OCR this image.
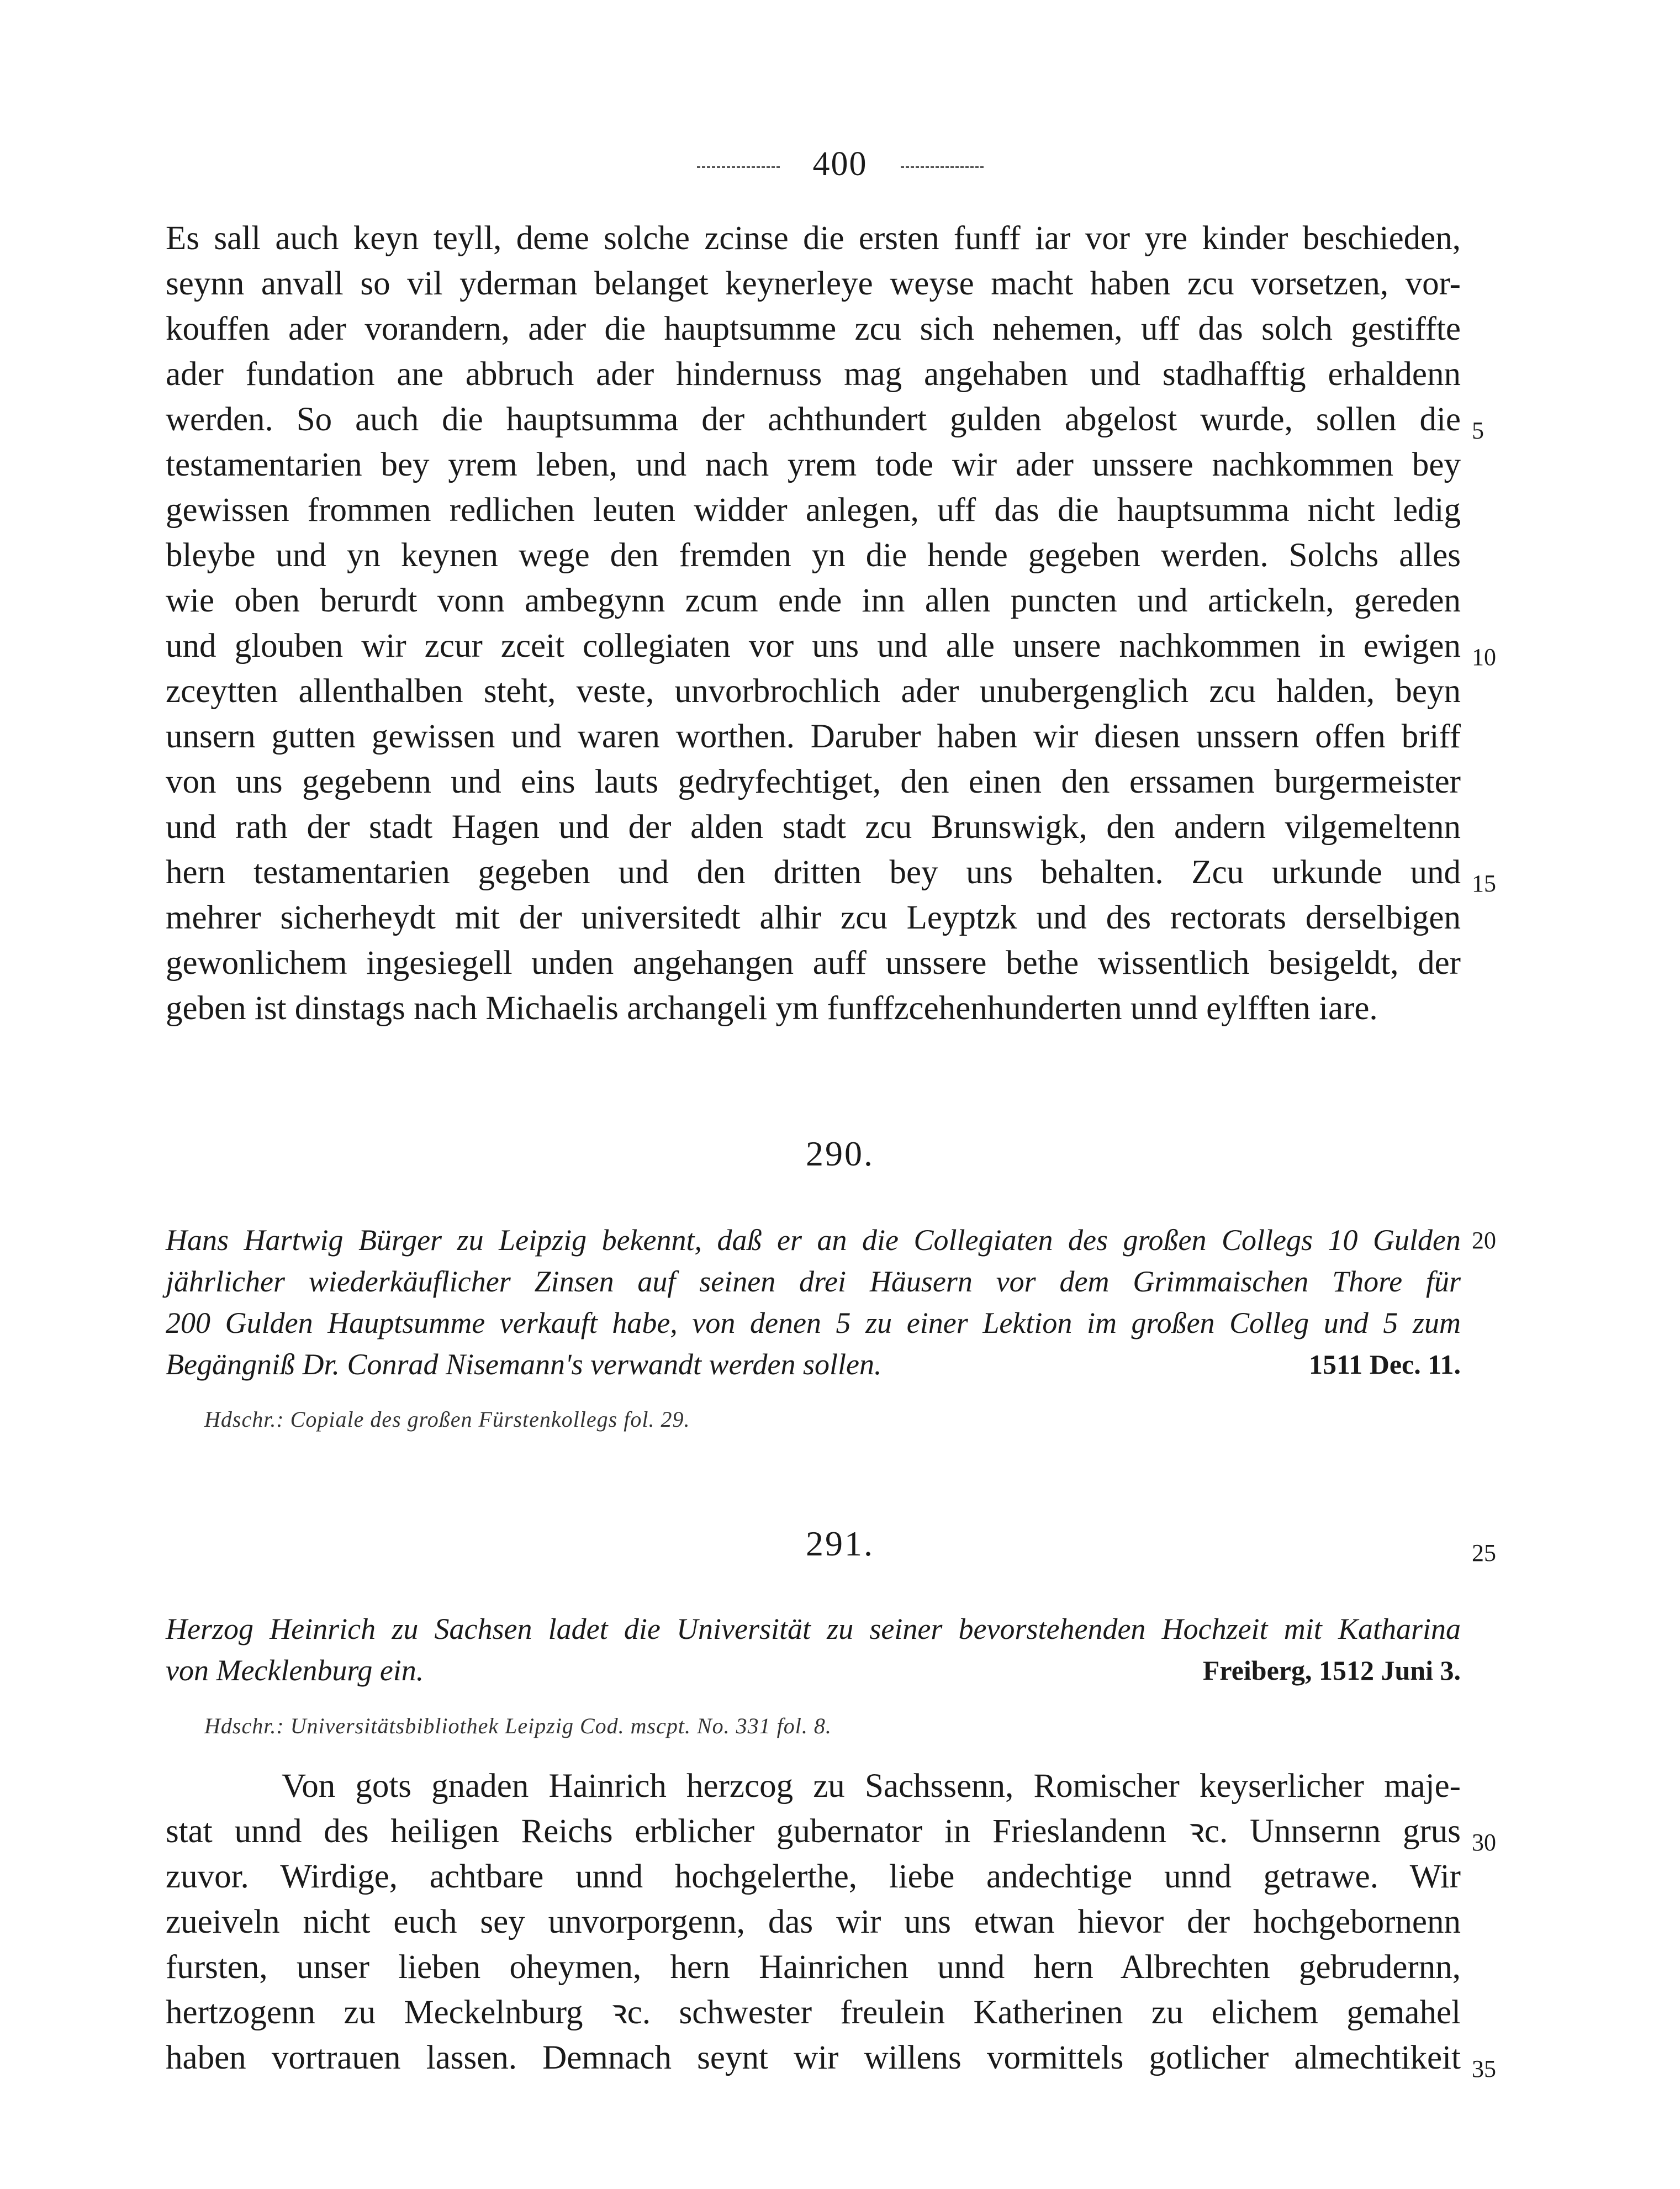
400
Es sall auch keyn teyll, deme solche zcinse die ersten funff iar vor yre kinder beschieden,
seynn anvall so vil yderman belanget keynerleye weyse macht haben zcu vorsetzen, vor-
kouffen ader vorandern, ader die hauptsumme zcu sich nehemen, uff das solch gestiffte
ader fundation ane abbruch ader hindernuss mag angehaben und stadhafftig erhaldenn
werden. So auch die hauptsumma der achthundert gulden abgelost wurde, sollen die
testamentarien bey yrem leben, und nach yrem tode wir ader unssere nachkommen bey
gewissen frommen redlichen leuten widder anlegen, uff das die hauptsumma nicht ledig
bleybe und yn keynen wege den fremden yn die hende gegeben werden. Solchs alles
wie oben berurdt vonn ambegynn zcum ende inn allen puncten und artickeln, gereden
und glouben wir zcur zceit collegiaten vor uns und alle unsere nachkommen in ewigen
zceytten allenthalben steht, veste, unvorbrochlich ader unubergenglich zcu halden, beyn
unsern gutten gewissen und waren worthen. Daruber haben wir diesen unssern offen briff
von uns gegebenn und eins lauts gedryfechtiget, den einen den erssamen burgermeister
und rath der stadt Hagen und der alden stadt zcu Brunswigk, den andern vilgemeltenn
hern testamentarien gegeben und den dritten bey uns behalten. Zcu urkunde und
mehrer sicherheydt mit der universitedt alhir zcu Leyptzk und des rectorats derselbigen
gewonlichem ingesiegell unden angehangen auff unssere bethe wissentlich besigeldt, der
geben ist dinstags nach Michaelis archangeli ym funffzcehenhunderten unnd eylfften iare.
290.
Hans Hartwig Bürger zu Leipzig bekennt, daß er an die Collegiaten des großen Collegs 10 Gulden
jährlicher wiederkäuflicher Zinsen auf seinen drei Häusern vor dem Grimmaischen Thore für
200 Gulden Hauptsumme verkauft habe, von denen 5 zu einer Lektion im großen Colleg und 5 zum
Begängniß Dr. Conrad Nisemann's verwandt werden sollen.	1511 Dec. 11.
Hdschr.: Copiale des großen Fürstenkollegs fol. 29.
291.
Herzog Heinrich zu Sachsen ladet die Universität zu seiner bevorstehenden Hochzeit mit Katharina
von Mecklenburg ein.	Freiberg, 1512 Juni 3.
Hdschr.: Universitätsbibliothek Leipzig Cod. mscpt. No. 331 fol. 8.
Von gots gnaden Hainrich herzcog zu Sachssenn, Romischer keyserlicher maje-
stat unnd des heiligen Reichs erblicher gubernator in Frieslandenn ꝛc. Unnsernn grus
zuvor. Wirdige, achtbare unnd hochgelerthe, liebe andechtige unnd getrawe. Wir
zueiveln nicht euch sey unvorporgenn, das wir uns etwan hievor der hochgebornenn
fursten, unser lieben oheymen, hern Hainrichen unnd hern Albrechten gebrudernn,
hertzogenn zu Meckelnburg ꝛc. schwester freulein Katherinen zu elichem gemahel
haben vortrauen lassen. Demnach seynt wir willens vormittels gotlicher almechtikeit
5
10
15
20
25
30
35
